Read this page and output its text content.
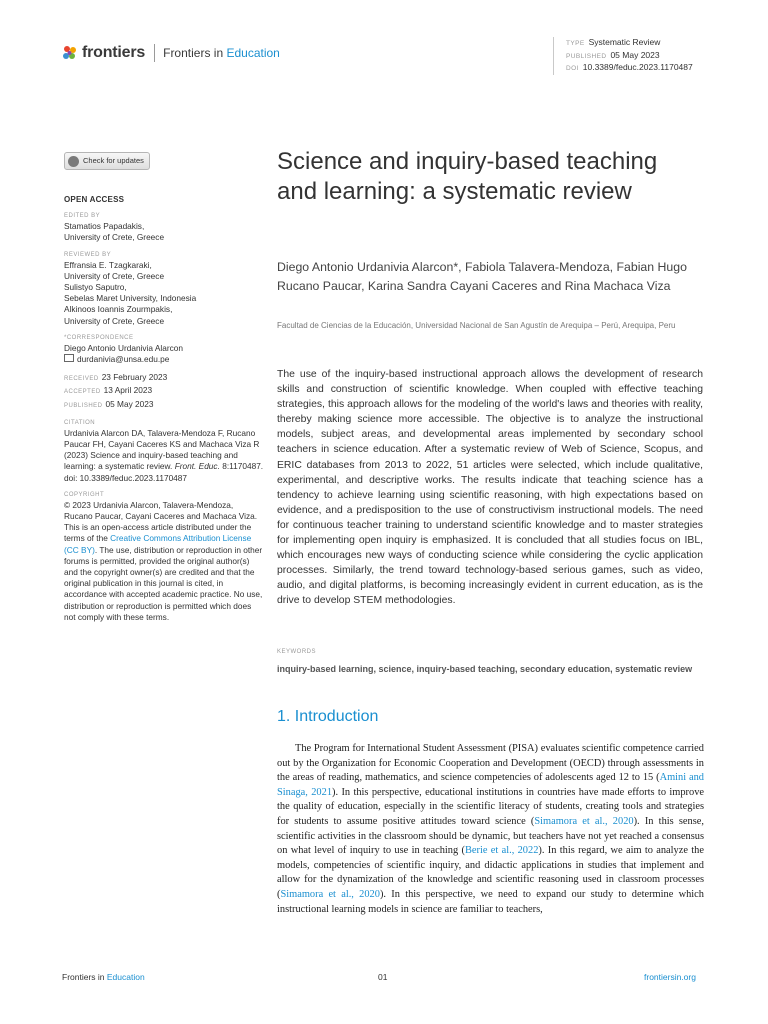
frontiers Frontiers in Education
TYPE Systematic Review
PUBLISHED 05 May 2023
DOI 10.3389/feduc.2023.1170487
Check for updates
OPEN ACCESS
EDITED BY
Stamatios Papadakis,
University of Crete, Greece
REVIEWED BY
Effransia E. Tzagkaraki,
University of Crete, Greece
Sulistyo Saputro,
Sebelas Maret University, Indonesia
Alkinoos Ioannis Zourmpakis,
University of Crete, Greece
*CORRESPONDENCE
Diego Antonio Urdanivia Alarcon
durdanivia@unsa.edu.pe
RECEIVED 23 February 2023
ACCEPTED 13 April 2023
PUBLISHED 05 May 2023
CITATION
Urdanivia Alarcon DA, Talavera-Mendoza F, Rucano Paucar FH, Cayani Caceres KS and Machaca Viza R (2023) Science and inquiry-based teaching and learning: a systematic review. Front. Educ. 8:1170487. doi: 10.3389/feduc.2023.1170487
COPYRIGHT
© 2023 Urdanivia Alarcon, Talavera-Mendoza, Rucano Paucar, Cayani Caceres and Machaca Viza. This is an open-access article distributed under the terms of the Creative Commons Attribution License (CC BY). The use, distribution or reproduction in other forums is permitted, provided the original author(s) and the copyright owner(s) are credited and that the original publication in this journal is cited, in accordance with accepted academic practice. No use, distribution or reproduction is permitted which does not comply with these terms.
Science and inquiry-based teaching and learning: a systematic review
Diego Antonio Urdanivia Alarcon*, Fabiola Talavera-Mendoza, Fabian Hugo Rucano Paucar, Karina Sandra Cayani Caceres and Rina Machaca Viza
Facultad de Ciencias de la Educación, Universidad Nacional de San Agustín de Arequipa – Perú, Arequipa, Peru
The use of the inquiry-based instructional approach allows the development of research skills and construction of scientific knowledge. When coupled with effective teaching strategies, this approach allows for the modeling of the world's laws and theories with reality, thereby making science more accessible. The objective is to analyze the instructional models, subject areas, and developmental areas implemented by secondary school teachers in science education. After a systematic review of Web of Science, Scopus, and ERIC databases from 2013 to 2022, 51 articles were selected, which include qualitative, experimental, and descriptive works. The results indicate that teaching science has a tendency to achieve learning using scientific reasoning, with high expectations based on evidence, and a predisposition to the use of constructivism instructional models. The need for continuous teacher training to understand scientific knowledge and to master strategies for implementing open inquiry is emphasized. It is concluded that all studies focus on IBL, which encourages new ways of conducting science while considering the cyclic application processes. Similarly, the trend toward technology-based serious games, such as video, audio, and digital platforms, is becoming increasingly evident in current education, as is the drive to develop STEM methodologies.
KEYWORDS
inquiry-based learning, science, inquiry-based teaching, secondary education, systematic review
1. Introduction
The Program for International Student Assessment (PISA) evaluates scientific competence carried out by the Organization for Economic Cooperation and Development (OECD) through assessments in the areas of reading, mathematics, and science competencies of adolescents aged 12 to 15 (Amini and Sinaga, 2021). In this perspective, educational institutions in countries have made efforts to improve the quality of education, especially in the scientific literacy of students, creating tools and strategies for students to assume positive attitudes toward science (Simamora et al., 2020). In this sense, scientific activities in the classroom should be dynamic, but teachers have not yet reached a consensus on what level of inquiry to use in teaching (Berie et al., 2022). In this regard, we aim to analyze the models, competencies of scientific inquiry, and didactic applications in studies that implement and allow for the dynamization of the knowledge and scientific reasoning used in classroom processes (Simamora et al., 2020). In this perspective, we need to expand our study to determine which instructional learning models in science are familiar to teachers,
Frontiers in Education	01	frontiersin.org
